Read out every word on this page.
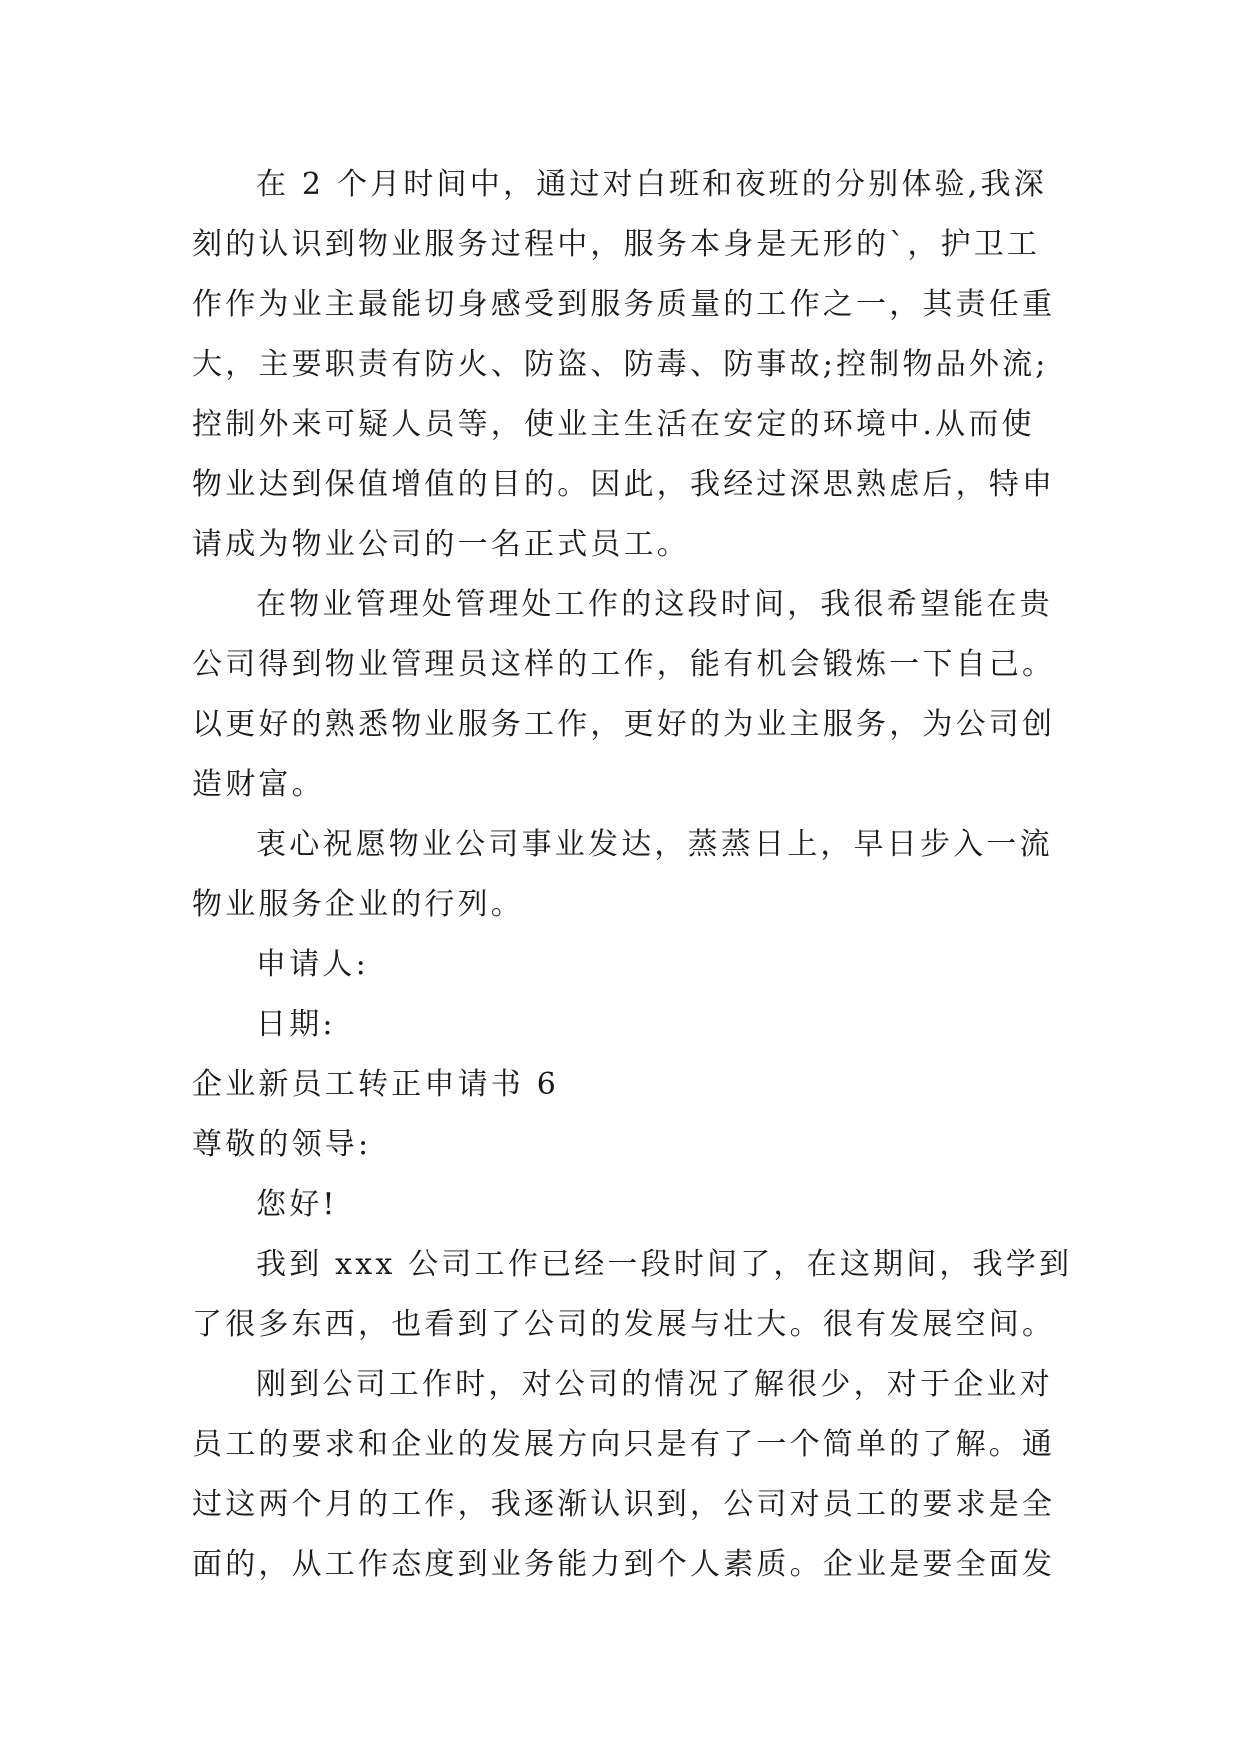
在 2 个月时间中，通过对白班和夜班的分别体验,我深
刻的认识到物业服务过程中，服务本身是无形的`，护卫工
作作为业主最能切身感受到服务质量的工作之一，其责任重
大，主要职责有防火、防盗、防毒、防事故;控制物品外流;
控制外来可疑人员等，使业主生活在安定的环境中.从而使
物业达到保值增值的目的。因此，我经过深思熟虑后，特申
请成为物业公司的一名正式员工。
在物业管理处管理处工作的这段时间，我很希望能在贵
公司得到物业管理员这样的工作，能有机会锻炼一下自己。
以更好的熟悉物业服务工作，更好的为业主服务，为公司创
造财富。
衷心祝愿物业公司事业发达，蒸蒸日上，早日步入一流
物业服务企业的行列。
申请人:
日期:
企业新员工转正申请书 6
尊敬的领导:
您好!
我到 xxx 公司工作已经一段时间了，在这期间，我学到
了很多东西，也看到了公司的发展与壮大。很有发展空间。
刚到公司工作时，对公司的情况了解很少，对于企业对
员工的要求和企业的发展方向只是有了一个简单的了解。通
过这两个月的工作，我逐渐认识到，公司对员工的要求是全
面的，从工作态度到业务能力到个人素质。企业是要全面发
